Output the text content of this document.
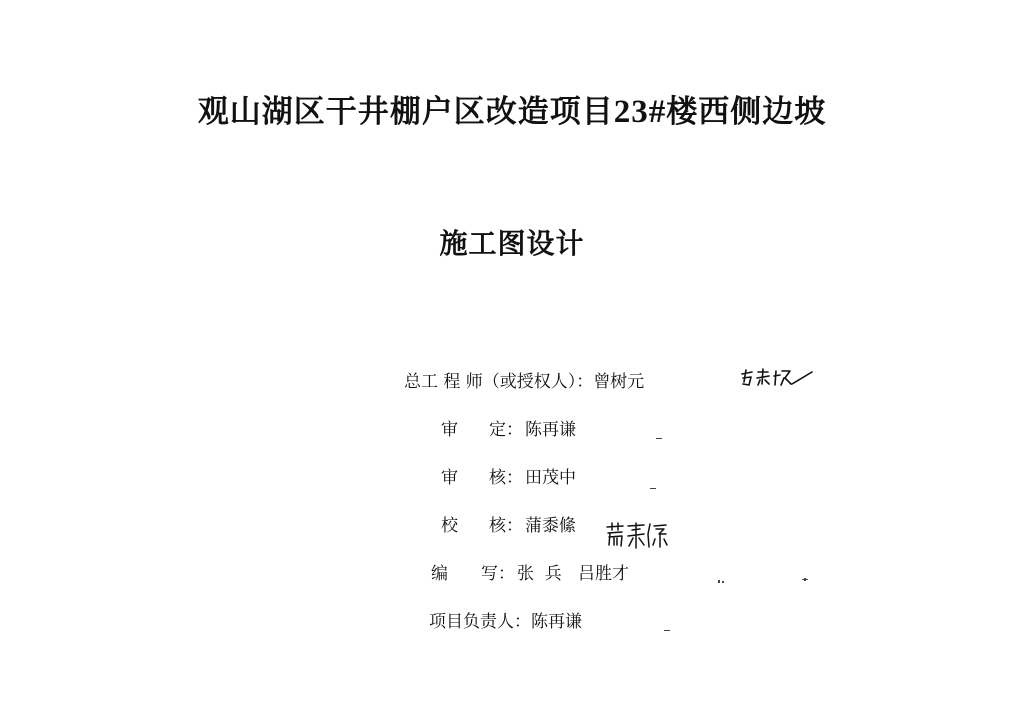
观山湖区干井棚户区改造项目23#楼西侧边坡
施工图设计
总工 程 师（或授权人）： 曾树元
审 定： 陈再谦
审 核： 田茂中
校 核： 蒲黍絛
编 写： 张  兵   吕胜才
项目负责人： 陈再谦
